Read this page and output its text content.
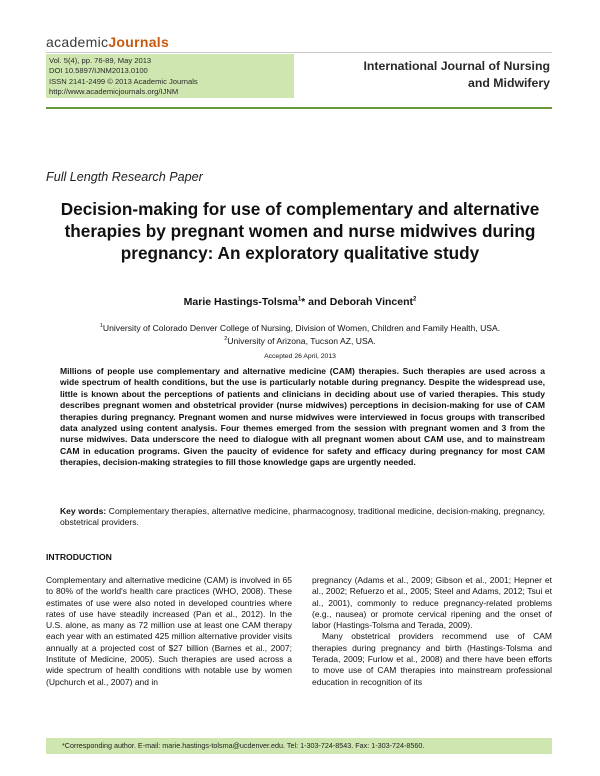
academicJournals
Vol. 5(4), pp. 76-89, May 2013
DOI 10.5897/IJNM2013.0100
ISSN 2141-2499 © 2013 Academic Journals
http://www.academicjournals.org/IJNM
International Journal of Nursing
and Midwifery
Full Length Research Paper
Decision-making for use of complementary and alternative therapies by pregnant women and nurse midwives during pregnancy: An exploratory qualitative study
Marie Hastings-Tolsma$^1$* and Deborah Vincent$^2$
$^1$University of Colorado Denver College of Nursing, Division of Women, Children and Family Health, USA.
$^2$University of Arizona, Tucson AZ, USA.
Accepted 26 April, 2013
Millions of people use complementary and alternative medicine (CAM) therapies. Such therapies are used across a wide spectrum of health conditions, but the use is particularly notable during pregnancy. Despite the widespread use, little is known about the perceptions of patients and clinicians in deciding about use of varied therapies. This study describes pregnant women and obstetrical provider (nurse midwives) perceptions in decision-making for use of CAM therapies during pregnancy. Pregnant women and nurse midwives were interviewed in focus groups with transcribed data analyzed using content analysis. Four themes emerged from the session with pregnant women and 3 from the nurse midwives. Data underscore the need to dialogue with all pregnant women about CAM use, and to mainstream CAM in education programs. Given the paucity of evidence for safety and efficacy during pregnancy for most CAM therapies, decision-making strategies to fill those knowledge gaps are urgently needed.
Key words: Complementary therapies, alternative medicine, pharmacognosy, traditional medicine, decision-making, pregnancy, obstetrical providers.
INTRODUCTION
Complementary and alternative medicine (CAM) is involved in 65 to 80% of the world's health care practices (WHO, 2008). These estimates of use were also noted in developed countries where rates of use have steadily increased (Pan et al., 2012). In the U.S. alone, as many as 72 million use at least one CAM therapy each year with an estimated 425 million alternative provider visits annually at a projected cost of $27 billion (Barnes et al., 2007; Institute of Medicine, 2005). Such therapies are used across a wide spectrum of health conditions with notable use by women (Upchurch et al., 2007) and in

pregnancy (Adams et al., 2009; Gibson et al., 2001; Hepner et al., 2002; Refuerzo et al., 2005; Steel and Adams, 2012; Tsui et al., 2001), commonly to reduce pregnancy-related problems (e.g., nausea) or promote cervical ripening and the onset of labor (Hastings-Tolsma and Terada, 2009).

Many obstetrical providers recommend use of CAM therapies during pregnancy and birth (Hastings-Tolsma and Terada, 2009; Furlow et al., 2008) and there have been efforts to move use of CAM therapies into mainstream professional education in recognition of its

*Corresponding author. E-mail: marie.hastings-tolsma@ucdenver.edu. Tel: 1-303-724-8543. Fax: 1-303-724-8560.
